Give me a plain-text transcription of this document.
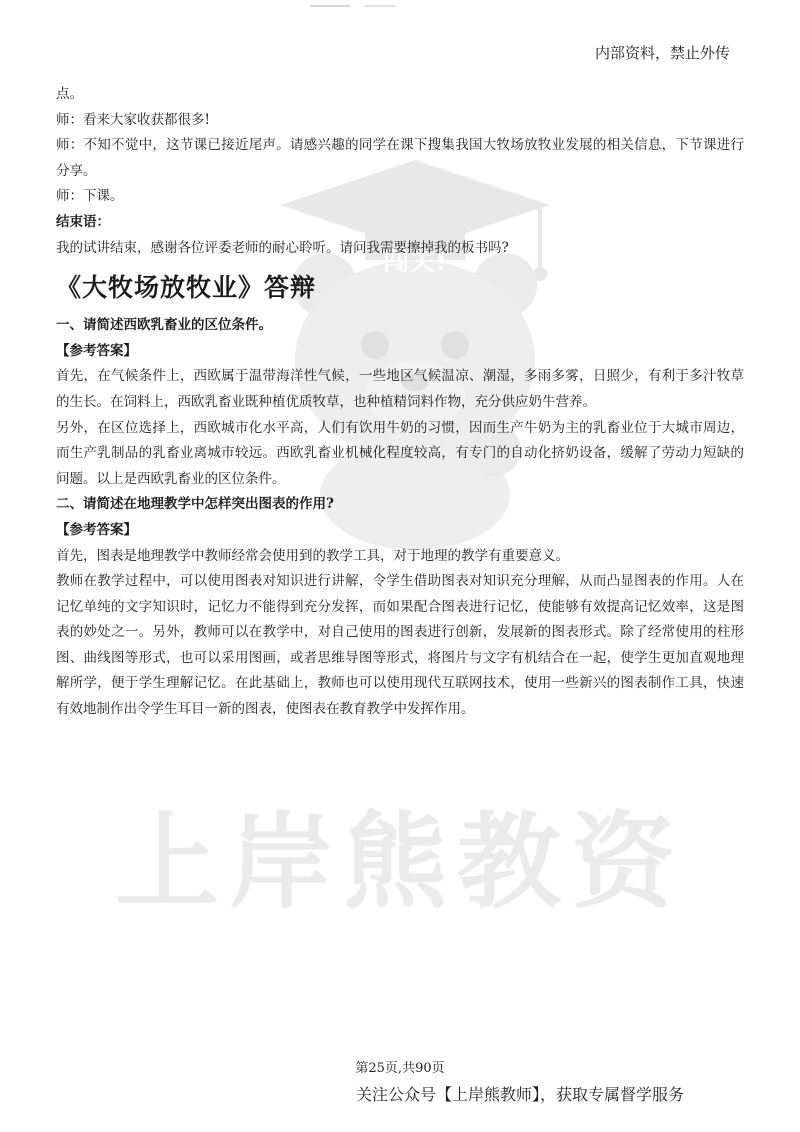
闯关!
上岸熊教资
内部资料，禁止外传

点。

师：看来大家收获都很多!

师：不知不觉中，这节课已接近尾声。请感兴趣的同学在课下搜集我国大牧场放牧业发展的相关信息，下节课进行分享。

师：下课。

结束语：

我的试讲结束，感谢各位评委老师的耐心聆听。请问我需要擦掉我的板书吗?

《大牧场放牧业》答辩

一、请简述西欧乳畜业的区位条件。

【参考答案】

首先，在气候条件上，西欧属于温带海洋性气候，一些地区气候温凉、潮湿，多雨多雾，日照少，有利于多汁牧草的生长。在饲料上，西欧乳畜业既种植优质牧草，也种植精饲料作物，充分供应奶牛营养。

另外，在区位选择上，西欧城市化水平高，人们有饮用牛奶的习惯，因而生产牛奶为主的乳畜业位于大城市周边，而生产乳制品的乳畜业离城市较远。西欧乳畜业机械化程度较高，有专门的自动化挤奶设备，缓解了劳动力短缺的问题。以上是西欧乳畜业的区位条件。

二、请简述在地理教学中怎样突出图表的作用?

【参考答案】

首先，图表是地理教学中教师经常会使用到的教学工具，对于地理的教学有重要意义。

教师在教学过程中，可以使用图表对知识进行讲解，令学生借助图表对知识充分理解，从而凸显图表的作用。人在记忆单纯的文字知识时，记忆力不能得到充分发挥，而如果配合图表进行记忆，使能够有效提高记忆效率，这是图表的妙处之一。另外，教师可以在教学中，对自己使用的图表进行创新，发展新的图表形式。除了经常使用的柱形图、曲线图等形式，也可以采用图画，或者思维导图等形式，将图片与文字有机结合在一起，使学生更加直观地理解所学，便于学生理解记忆。在此基础上，教师也可以使用现代互联网技术，使用一些新兴的图表制作工具，快速有效地制作出令学生耳目一新的图表，使图表在教育教学中发挥作用。

第25页,共90页
关注公众号【上岸熊教师】，获取专属督学服务
